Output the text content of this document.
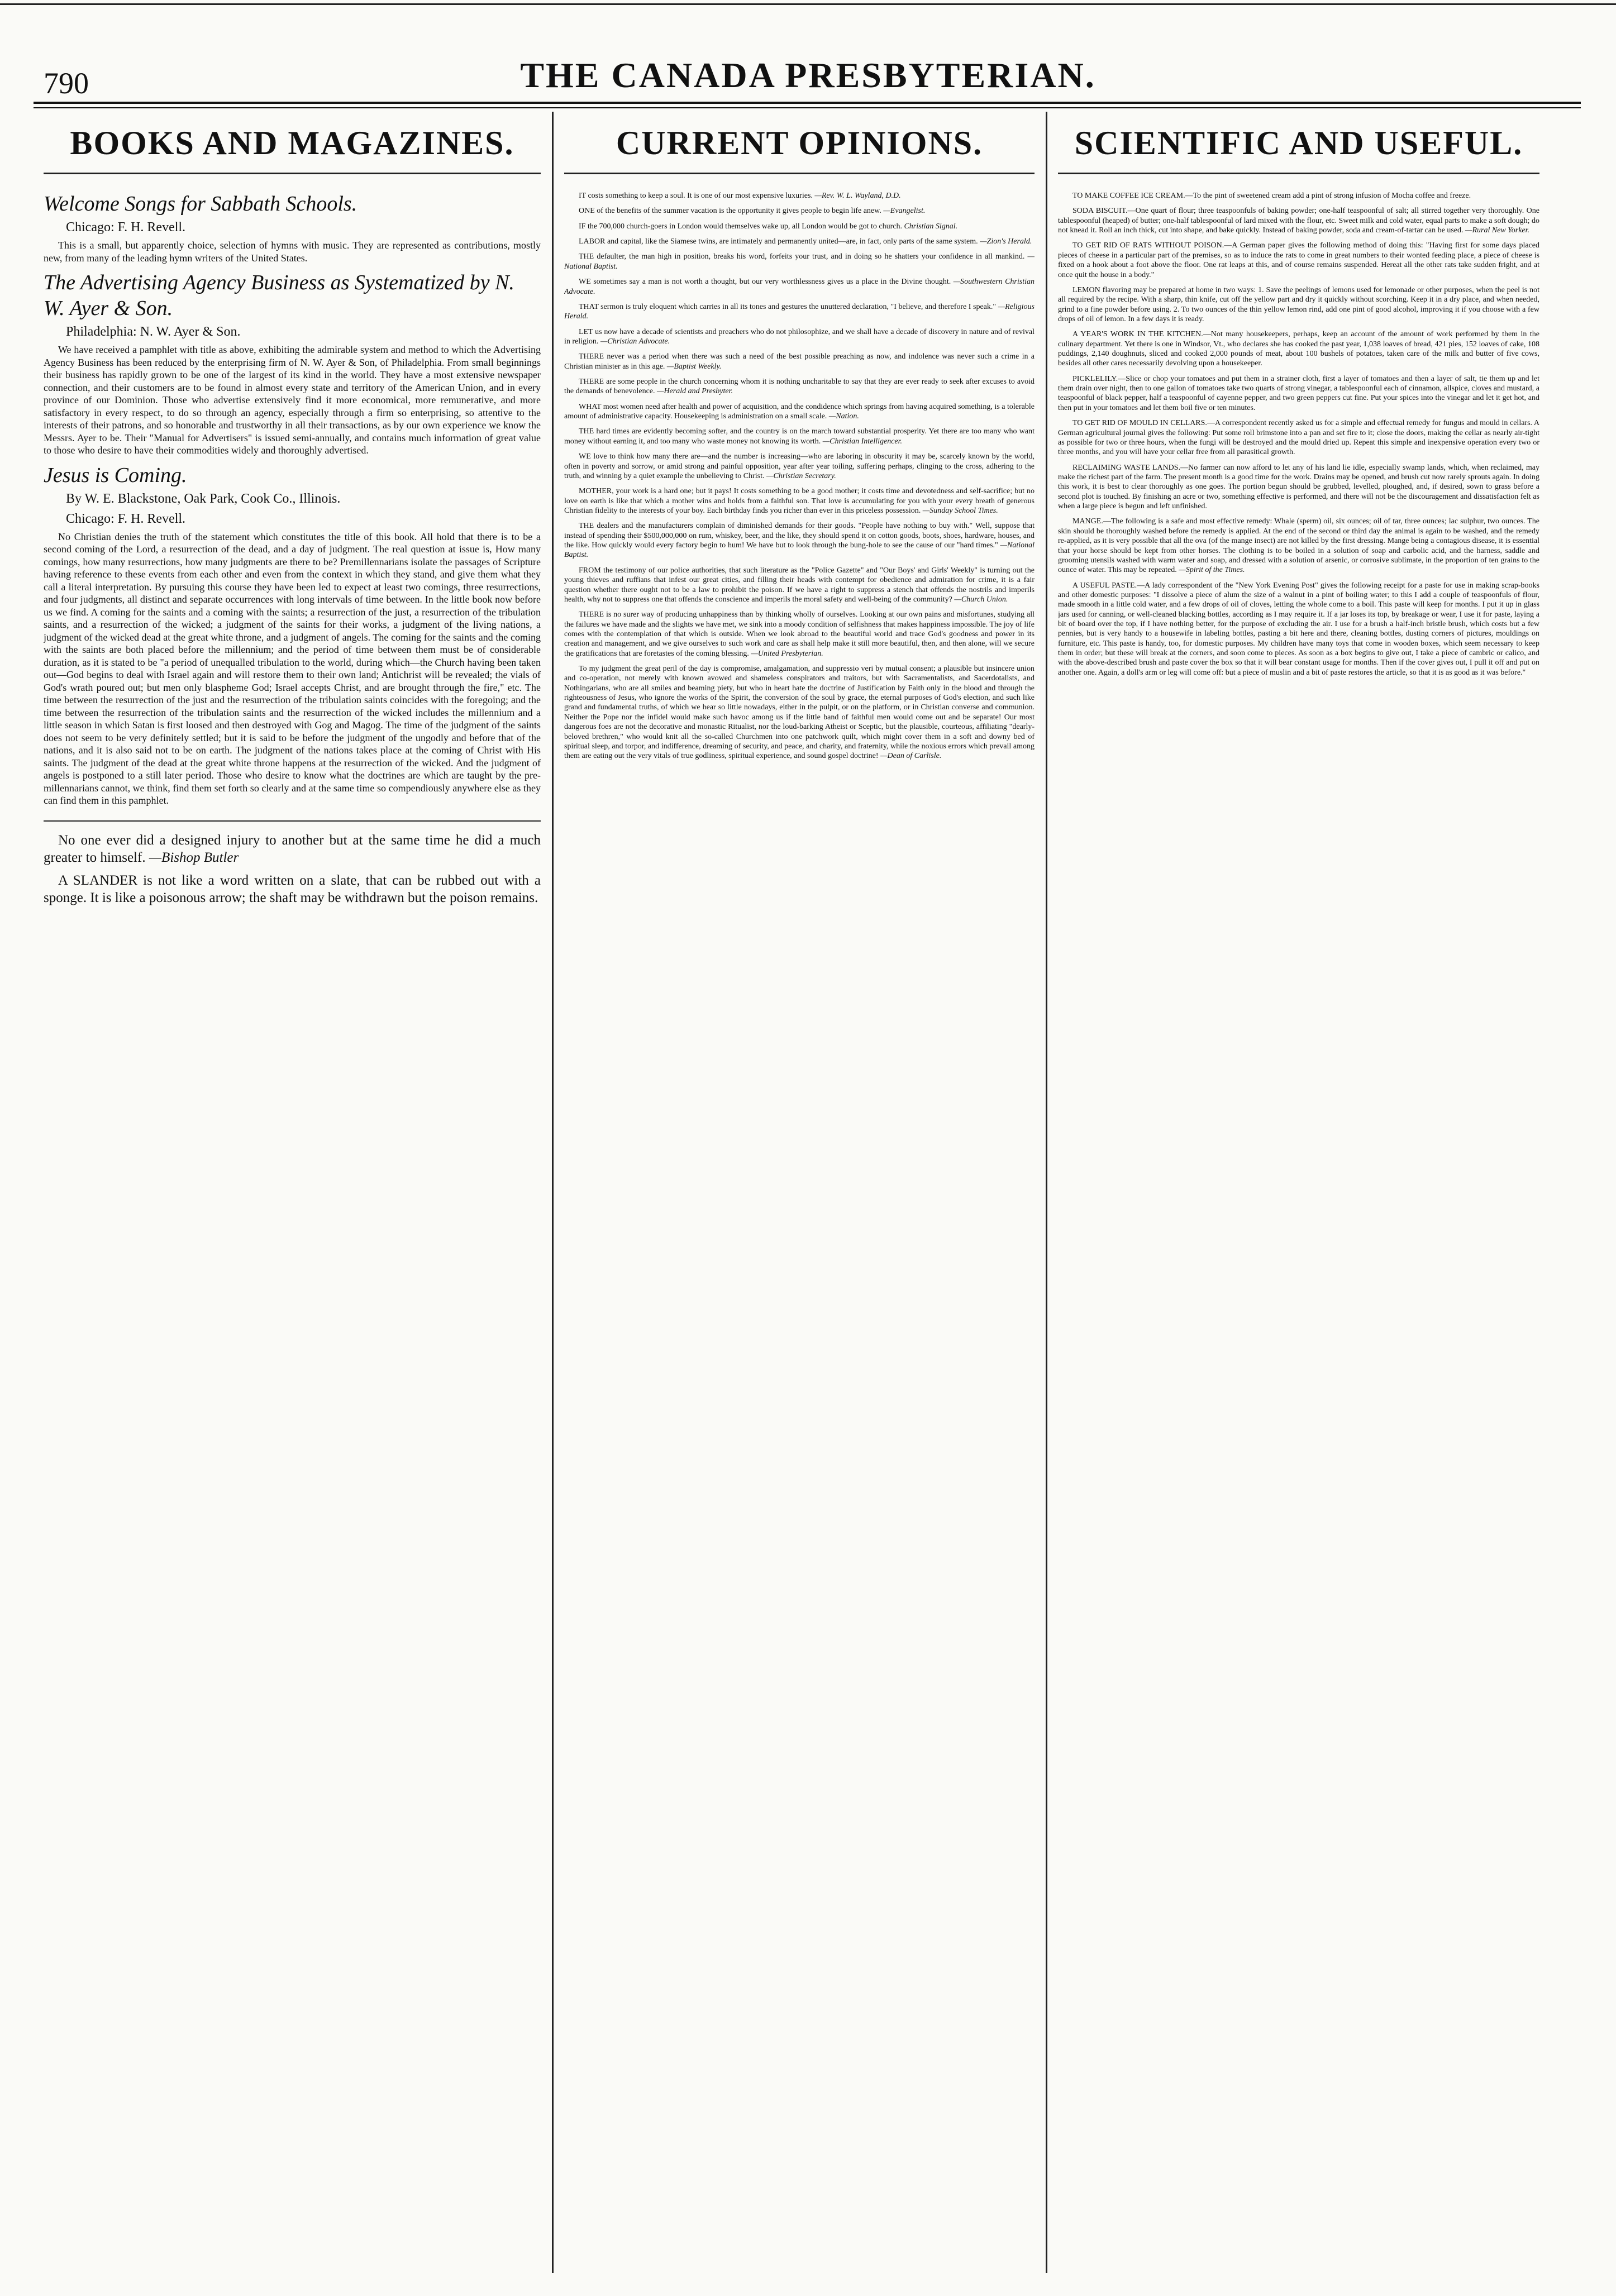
790	THE CANADA PRESBYTERIAN.
BOOKS AND MAGAZINES.
Welcome Songs for Sabbath Schools.
Chicago: F. H. Revell.

This is a small, but apparently choice, selection of hymns with music. They are represented as contributions, mostly new, from many of the leading hymn writers of the United States.

The Advertising Agency Business as Systematized by N. W. Ayer & Son.
Philadelphia: N. W. Ayer & Son.

We have received a pamphlet with title as above, exhibiting the admirable system and method to which the Advertising Agency Business has been reduced by the enterprising firm of N. W. Ayer & Son, of Philadelphia. From small beginnings their business has rapidly grown to be one of the largest of its kind in the world. They have a most extensive newspaper connection, and their customers are to be found in almost every state and territory of the American Union, and in every province of our Dominion. Those who advertise extensively find it more economical, more remunerative, and more satisfactory in every respect, to do so through an agency, especially through a firm so enterprising, so attentive to the interests of their patrons, and so honorable and trustworthy in all their transactions, as by our own experience we know the Messrs. Ayer to be. Their "Manual for Advertisers" is issued semi-annually, and contains much information of great value to those who desire to have their commodities widely and thoroughly advertised.

Jesus is Coming.
By W. E. Blackstone, Oak Park, Cook Co., Illinois.
Chicago: F. H. Revell.

No Christian denies the truth of the statement which constitutes the title of this book. All hold that there is to be a second coming of the Lord, a resurrection of the dead, and a day of judgment. The real question at issue is, How many comings, how many resurrections, how many judgments are there to be? Premillennarians isolate the passages of Scripture having reference to these events from each other and even from the context in which they stand, and give them what they call a literal interpretation. By pursuing this course they have been led to expect at least two comings, three resurrections, and four judgments, all distinct and separate occurrences with long intervals of time between. In the little book now before us we find. A coming for the saints and a coming with the saints; a resurrection of the just, a resurrection of the tribulation saints, and a resurrection of the wicked; a judgment of the saints for their works, a judgment of the living nations, a judgment of the wicked dead at the great white throne, and a judgment of angels. The coming for the saints and the coming with the saints are both placed before the millennium; and the period of time between them must be of considerable duration, as it is stated to be "a period of unequalled tribulation to the world, during which—the Church having been taken out—God begins to deal with Israel again and will restore them to their own land; Antichrist will be revealed; the vials of God's wrath poured out; but men only blaspheme God; Israel accepts Christ, and are brought through the fire," etc. The time between the resurrection of the just and the resurrection of the tribulation saints coincides with the foregoing; and the time between the resurrection of the tribulation saints and the resurrection of the wicked includes the millennium and a little season in which Satan is first loosed and then destroyed with Gog and Magog. The time of the judgment of the saints does not seem to be very definitely settled; but it is said to be before the judgment of the ungodly and before that of the nations, and it is also said not to be on earth. The judgment of the nations takes place at the coming of Christ with His saints. The judgment of the dead at the great white throne happens at the resurrection of the wicked. And the judgment of angels is postponed to a still later period. Those who desire to know what the doctrines are which are taught by the pre-millennarians cannot, we think, find them set forth so clearly and at the same time so compendiously anywhere else as they can find them in this pamphlet.

No one ever did a designed injury to another but at the same time he did a much greater to himself. —Bishop Butler

A SLANDER is not like a word written on a slate, that can be rubbed out with a sponge. It is like a poisonous arrow; the shaft may be withdrawn but the poison remains.

CURRENT OPINIONS.

IT costs something to keep a soul. It is one of our most expensive luxuries. —Rev. W. L. Wayland, D.D.

ONE of the benefits of the summer vacation is the opportunity it gives people to begin life anew. —Evangelist.

IF the 700,000 church-goers in London would themselves wake up, all London would be got to church. Christian Signal.

LABOR and capital, like the Siamese twins, are intimately and permanently united—are, in fact, only parts of the same system. —Zion's Herald.

THE defaulter, the man high in position, breaks his word, forfeits your trust, and in doing so he shatters your confidence in all mankind. —National Baptist.

WE sometimes say a man is not worth a thought, but our very worthlessness gives us a place in the Divine thought. —Southwestern Christian Advocate.

THAT sermon is truly eloquent which carries in all its tones and gestures the unuttered declaration, "I believe, and therefore I speak." —Religious Herald.

LET us now have a decade of scientists and preachers who do not philosophize, and we shall have a decade of discovery in nature and of revival in religion. —Christian Advocate.

THERE never was a period when there was such a need of the best possible preaching as now, and indolence was never such a crime in a Christian minister as in this age. —Baptist Weekly.

THERE are some people in the church concerning whom it is nothing uncharitable to say that they are ever ready to seek after excuses to avoid the demands of benevolence. —Herald and Presbyter.

WHAT most women need after health and power of acquisition, and the condidence which springs from having acquired something, is a tolerable amount of administrative capacity. Housekeeping is administration on a small scale. —Nation.

THE hard times are evidently becoming softer, and the country is on the march toward substantial prosperity. Yet there are too many who want money without earning it, and too many who waste money not knowing its worth. —Christian Intelligencer.

WE love to think how many there are—and the number is increasing—who are laboring in obscurity it may be, scarcely known by the world, often in poverty and sorrow, or amid strong and painful opposition, year after year toiling, suffering perhaps, clinging to the cross, adhering to the truth, and winning by a quiet example the unbelieving to Christ. —Christian Secretary.

MOTHER, your work is a hard one; but it pays! It costs something to be a good mother; it costs time and devotedness and self-sacrifice; but no love on earth is like that which a mother wins and holds from a faithful son. That love is accumulating for you with your every breath of generous Christian fidelity to the interests of your boy. Each birthday finds you richer than ever in this priceless possession. —Sunday School Times.

THE dealers and the manufacturers complain of diminished demands for their goods. "People have nothing to buy with." Well, suppose that instead of spending their $500,000,000 on rum, whiskey, beer, and the like, they should spend it on cotton goods, boots, shoes, hardware, houses, and the like. How quickly would every factory begin to hum! We have but to look through the bung-hole to see the cause of our "hard times." —National Baptist.

FROM the testimony of our police authorities, that such literature as the "Police Gazette" and "Our Boys' and Girls' Weekly" is turning out the young thieves and ruffians that infest our great cities, and filling their heads with contempt for obedience and admiration for crime, it is a fair question whether there ought not to be a law to prohibit the poison. If we have a right to suppress a stench that offends the nostrils and imperils health, why not to suppress one that offends the conscience and imperils the moral safety and well-being of the community? —Church Union.

THERE is no surer way of producing unhappiness than by thinking wholly of ourselves. Looking at our own pains and misfortunes, studying all the failures we have made and the slights we have met, we sink into a moody condition of selfishness that makes happiness impossible. The joy of life comes with the contemplation of that which is outside. When we look abroad to the beautiful world and trace God's goodness and power in its creation and management, and we give ourselves to such work and care as shall help make it still more beautiful, then, and then alone, will we secure the gratifications that are foretastes of the coming blessing. —United Presbyterian.

To my judgment the great peril of the day is compromise, amalgamation, and suppressio veri by mutual consent; a plausible but insincere union and co-operation, not merely with known avowed and shameless conspirators and traitors, but with Sacramentalists, and Sacerdotalists, and Nothingarians, who are all smiles and beaming piety, but who in heart hate the doctrine of Justification by Faith only in the blood and through the righteousness of Jesus, who ignore the works of the Spirit, the conversion of the soul by grace, the eternal purposes of God's election, and such like grand and fundamental truths, of which we hear so little nowadays, either in the pulpit, or on the platform, or in Christian converse and communion. Neither the Pope nor the infidel would make such havoc among us if the little band of faithful men would come out and be separate! Our most dangerous foes are not the decorative and monastic Ritualist, nor the loud-barking Atheist or Sceptic, but the plausible, courteous, affiliating "dearly-beloved brethren," who would knit all the so-called Churchmen into one patchwork quilt, which might cover them in a soft and downy bed of spiritual sleep, and torpor, and indifference, dreaming of security, and peace, and charity, and fraternity, while the noxious errors which prevail among them are eating out the very vitals of true godliness, spiritual experience, and sound gospel doctrine! —Dean of Carlisle.

SCIENTIFIC AND USEFUL.

TO MAKE COFFEE ICE CREAM.—To the pint of sweetened cream add a pint of strong infusion of Mocha coffee and freeze.

SODA BISCUIT.—One quart of flour; three teaspoonfuls of baking powder; one-half teaspoonful of salt; all stirred together very thoroughly. One tablespoonful (heaped) of butter; one-half tablespoonful of lard mixed with the flour, etc. Sweet milk and cold water, equal parts to make a soft dough; do not knead it. Roll an inch thick, cut into shape, and bake quickly. Instead of baking powder, soda and cream-of-tartar can be used. —Rural New Yorker.

TO GET RID OF RATS WITHOUT POISON.—A German paper gives the following method of doing this: "Having first for some days placed pieces of cheese in a particular part of the premises, so as to induce the rats to come in great numbers to their wonted feeding place, a piece of cheese is fixed on a hook about a foot above the floor. One rat leaps at this, and of course remains suspended. Hereat all the other rats take sudden fright, and at once quit the house in a body."

LEMON flavoring may be prepared at home in two ways: 1. Save the peelings of lemons used for lemonade or other purposes, when the peel is not all required by the recipe. With a sharp, thin knife, cut off the yellow part and dry it quickly without scorching. Keep it in a dry place, and when needed, grind to a fine powder before using. 2. To two ounces of the thin yellow lemon rind, add one pint of good alcohol, improving it if you choose with a few drops of oil of lemon. In a few days it is ready.

A YEAR'S WORK IN THE KITCHEN.—Not many housekeepers, perhaps, keep an account of the amount of work performed by them in the culinary department. Yet there is one in Windsor, Vt., who declares she has cooked the past year, 1,038 loaves of bread, 421 pies, 152 loaves of cake, 108 puddings, 2,140 doughnuts, sliced and cooked 2,000 pounds of meat, about 100 bushels of potatoes, taken care of the milk and butter of five cows, besides all other cares necessarily devolving upon a housekeeper.

PICKLELILY.—Slice or chop your tomatoes and put them in a strainer cloth, first a layer of tomatoes and then a layer of salt, tie them up and let them drain over night, then to one gallon of tomatoes take two quarts of strong vinegar, a tablespoonful each of cinnamon, allspice, cloves and mustard, a teaspoonful of black pepper, half a teaspoonful of cayenne pepper, and two green peppers cut fine. Put your spices into the vinegar and let it get hot, and then put in your tomatoes and let them boil five or ten minutes.

TO GET RID OF MOULD IN CELLARS.—A correspondent recently asked us for a simple and effectual remedy for fungus and mould in cellars. A German agricultural journal gives the following: Put some roll brimstone into a pan and set fire to it; close the doors, making the cellar as nearly air-tight as possible for two or three hours, when the fungi will be destroyed and the mould dried up. Repeat this simple and inexpensive operation every two or three months, and you will have your cellar free from all parasitical growth.

RECLAIMING WASTE LANDS.—No farmer can now afford to let any of his land lie idle, especially swamp lands, which, when reclaimed, may make the richest part of the farm. The present month is a good time for the work. Drains may be opened, and brush cut now rarely sprouts again. In doing this work, it is best to clear thoroughly as one goes. The portion begun should be grubbed, levelled, ploughed, and, if desired, sown to grass before a second plot is touched. By finishing an acre or two, something effective is performed, and there will not be the discouragement and dissatisfaction felt as when a large piece is begun and left unfinished.

MANGE.—The following is a safe and most effective remedy: Whale (sperm) oil, six ounces; oil of tar, three ounces; lac sulphur, two ounces. The skin should be thoroughly washed before the remedy is applied. At the end of the second or third day the animal is again to be washed, and the remedy re-applied, as it is very possible that all the ova (of the mange insect) are not killed by the first dressing. Mange being a contagious disease, it is essential that your horse should be kept from other horses. The clothing is to be boiled in a solution of soap and carbolic acid, and the harness, saddle and grooming utensils washed with warm water and soap, and dressed with a solution of arsenic, or corrosive sublimate, in the proportion of ten grains to the ounce of water. This may be repeated. —Spirit of the Times.

A USEFUL PASTE.—A lady correspondent of the "New York Evening Post" gives the following receipt for a paste for use in making scrap-books and other domestic purposes: "I dissolve a piece of alum the size of a walnut in a pint of boiling water; to this I add a couple of teaspoonfuls of flour, made smooth in a little cold water, and a few drops of oil of cloves, letting the whole come to a boil. This paste will keep for months. I put it up in glass jars used for canning, or well-cleaned blacking bottles, according as I may require it. If a jar loses its top, by breakage or wear, I use it for paste, laying a bit of board over the top, if I have nothing better, for the purpose of excluding the air. I use for a brush a half-inch bristle brush, which costs but a few pennies, but is very handy to a housewife in labeling bottles, pasting a bit here and there, cleaning bottles, dusting corners of pictures, mouldings on furniture, etc. This paste is handy, too, for domestic purposes. My children have many toys that come in wooden boxes, which seem necessary to keep them in order; but these will break at the corners, and soon come to pieces. As soon as a box begins to give out, I take a piece of cambric or calico, and with the above-described brush and paste cover the box so that it will bear constant usage for months. Then if the cover gives out, I pull it off and put on another one. Again, a doll's arm or leg will come off: but a piece of muslin and a bit of paste restores the article, so that it is as good as it was before."
